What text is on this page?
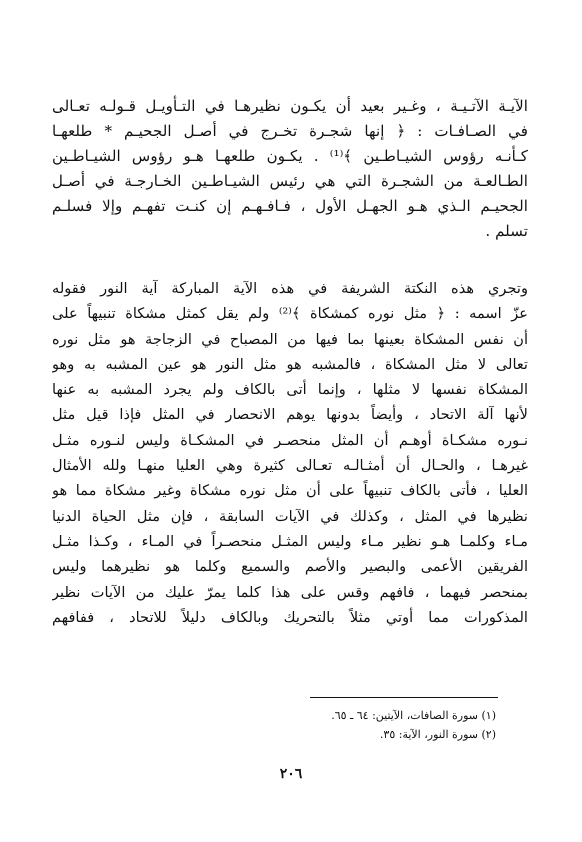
الآيـة الآتـيـة ، وغـير بعيد أن يكـون نظيرهـا في التـأويـل قـولـه تعـالى
في الصـافـات : ﴿ إنها شجـرة تخـرج في أصـل الجحيـم * طلعهـا
كـأنـه رؤوس الشيـاطـين ﴾⁽¹⁾ . يكـون طلعهـا هـو رؤوس الشيـاطـين
الطـالعـة من الشجـرة التي هي رئيس الشيـاطـين الخـارجـة في أصـل
الجحيـم الـذي هـو الجهـل الأول ، فـافـهـم إن كنـت تفهـم وإلا فسلـم
تسلم .
وتجري هذه النكتة الشريفة في هذه الآية المباركة آية النور فقوله
عزّ اسمه : ﴿ مثل نوره كمشكاة ﴾⁽²⁾ ولم يقل كمثل مشكاة تنبيهاً على
أن نفس المشكاة بعينها بما فيها من المصباح في الزجاجة هو مثل نوره
تعالى لا مثل المشكاة ، فالمشبه هو مثل النور هو عين المشبه به وهو
المشكاة نفسها لا مثلها ، وإنما أتى بالكاف ولم يجرد المشبه به عنها
لأنها آلة الاتحاد ، وأيضاً بدونها يوهم الانحصار في المثل فإذا قيل مثل
نـوره مشكـاة أوهـم أن المثل منحصـر في المشكـاة وليس لنـوره مثـل
غيرهـا ، والحـال أن أمثـالـه تعـالى كثيرة وهي العليا منهـا ولله الأمثال
العليا ، فأتى بالكاف تنبيهاً على أن مثل نوره مشكاة وغير مشكاة مما هو
نظيرها في المثل ، وكذلك في الآيات السابقة ، فإن مثل الحياة الدنيا
مـاء وكلمـا هـو نظير مـاء وليس المثـل منحصـراً في المـاء ، وكـذا مثـل
الفريقين الأعمى والبصير والأصم والسميع وكلما هو نظيرهما وليس
بمنحصر فيهما ، فافهم وقس على هذا كلما يمرّ عليك من الآيات نظير
المذكورات مما أوتي مثلاً بالتحريك وبالكاف دليلاً للاتحاد ، ففافهم
(١) سورة الصافات، الآيتين: ٦٤ ـ ٦٥.
(٢) سورة النور، الآية: ٣٥.
٢٠٦
